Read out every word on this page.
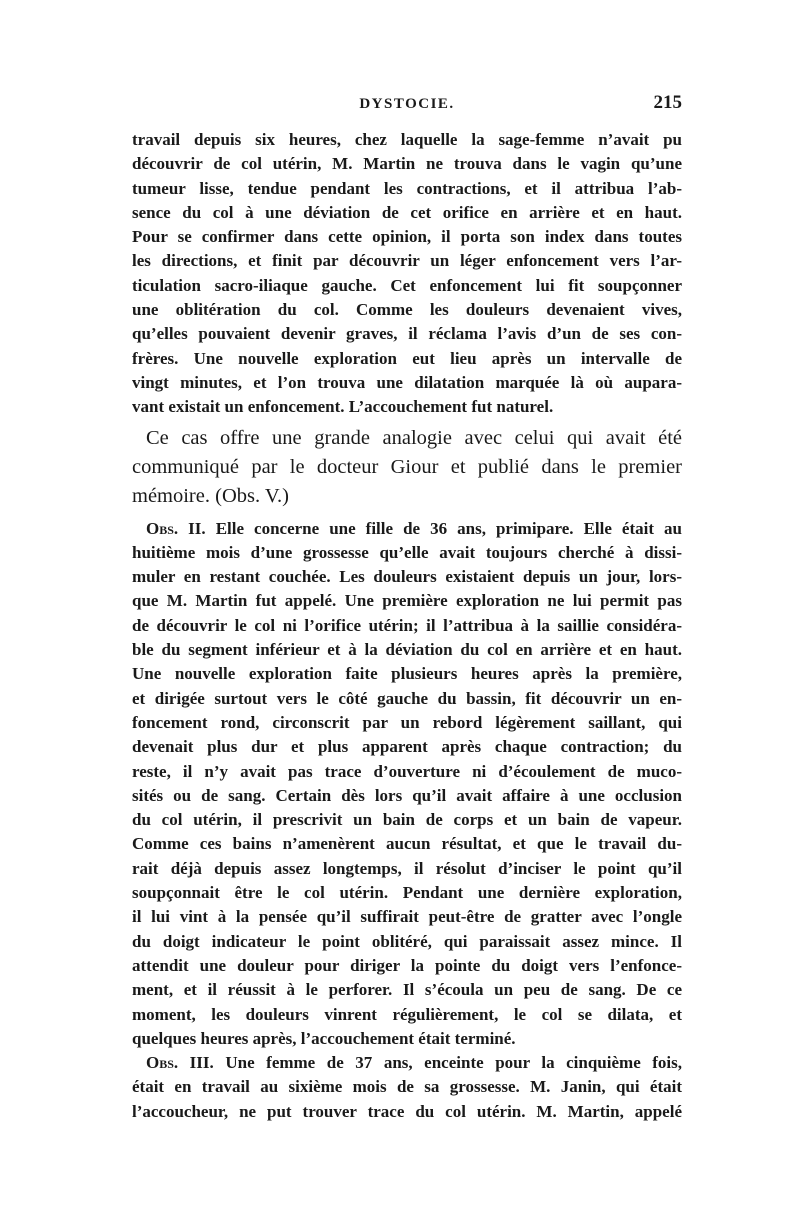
DYSTOCIE.	215
travail depuis six heures, chez laquelle la sage-femme n’avait pu
découvrir de col utérin, M. Martin ne trouva dans le vagin qu’une
tumeur lisse, tendue pendant les contractions, et il attribua l’ab-
sence du col à une déviation de cet orifice en arrière et en haut.
Pour se confirmer dans cette opinion, il porta son index dans toutes
les directions, et finit par découvrir un léger enfoncement vers l’ar-
ticulation sacro-iliaque gauche. Cet enfoncement lui fit soupçonner
une oblitération du col. Comme les douleurs devenaient vives,
qu’elles pouvaient devenir graves, il réclama l’avis d’un de ses con-
frères. Une nouvelle exploration eut lieu après un intervalle de
vingt minutes, et l’on trouva une dilatation marquée là où aupara-
vant existait un enfoncement. L’accouchement fut naturel.
Ce cas offre une grande analogie avec celui qui avait été
communiqué par le docteur Giour et publié dans le premier
mémoire. (Obs. V.)
Obs. II. Elle concerne une fille de 36 ans, primipare. Elle était au
huitième mois d’une grossesse qu’elle avait toujours cherché à dissi-
muler en restant couchée. Les douleurs existaient depuis un jour, lors-
que M. Martin fut appelé. Une première exploration ne lui permit pas
de découvrir le col ni l’orifice utérin; il l’attribua à la saillie considéra-
ble du segment inférieur et à la déviation du col en arrière et en haut.
Une nouvelle exploration faite plusieurs heures après la première,
et dirigée surtout vers le côté gauche du bassin, fit découvrir un en-
foncement rond, circonscrit par un rebord légèrement saillant, qui
devenait plus dur et plus apparent après chaque contraction; du
reste, il n’y avait pas trace d’ouverture ni d’écoulement de muco-
sités ou de sang. Certain dès lors qu’il avait affaire à une occlusion
du col utérin, il prescrivit un bain de corps et un bain de vapeur.
Comme ces bains n’amenèrent aucun résultat, et que le travail du-
rait déjà depuis assez longtemps, il résolut d’inciser le point qu’il
soupçonnait être le col utérin. Pendant une dernière exploration,
il lui vint à la pensée qu’il suffirait peut-être de gratter avec l’ongle
du doigt indicateur le point oblitéré, qui paraissait assez mince. Il
attendit une douleur pour diriger la pointe du doigt vers l’enfonce-
ment, et il réussit à le perforer. Il s’écoula un peu de sang. De ce
moment, les douleurs vinrent régulièrement, le col se dilata, et
quelques heures après, l’accouchement était terminé.
Obs. III. Une femme de 37 ans, enceinte pour la cinquième fois,
était en travail au sixième mois de sa grossesse. M. Janin, qui était
l’accoucheur, ne put trouver trace du col utérin. M. Martin, appelé
